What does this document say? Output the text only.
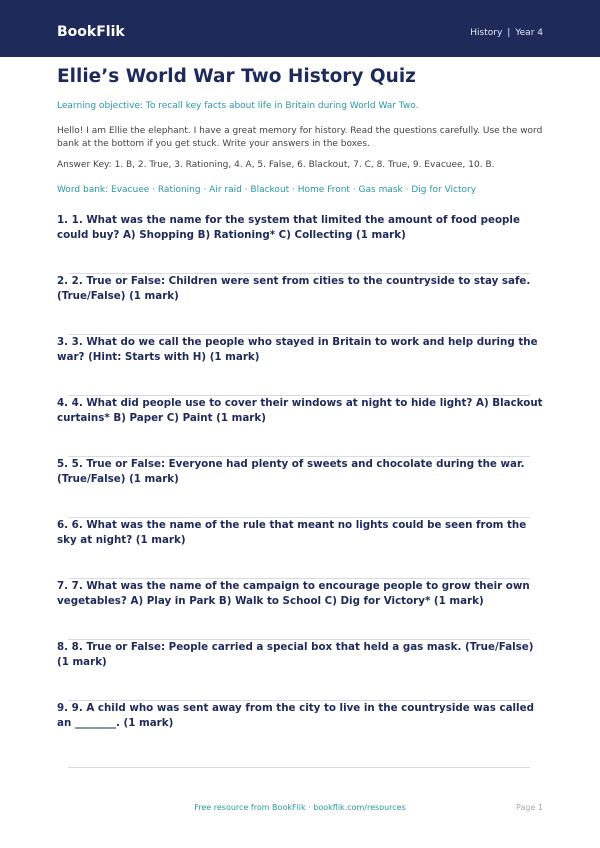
BookFlik	History | Year 4
Ellie’s World War Two History Quiz

Learning objective: To recall key facts about life in Britain during World War Two.

Hello! I am Ellie the elephant. I have a great memory for history. Read the questions carefully. Use the word bank at the bottom if you get stuck. Write your answers in the boxes.

Answer Key: 1. B, 2. True, 3. Rationing, 4. A, 5. False, 6. Blackout, 7. C, 8. True, 9. Evacuee, 10. B.

Word bank: Evacuee · Rationing · Air raid · Blackout · Home Front · Gas mask · Dig for Victory

1. 1. What was the name for the system that limited the amount of food people could buy? A) Shopping B) Rationing* C) Collecting (1 mark)
2. 2. True or False: Children were sent from cities to the countryside to stay safe. (True/False) (1 mark)
3. 3. What do we call the people who stayed in Britain to work and help during the war? (Hint: Starts with H) (1 mark)
4. 4. What did people use to cover their windows at night to hide light? A) Blackout curtains* B) Paper C) Paint (1 mark)
5. 5. True or False: Everyone had plenty of sweets and chocolate during the war. (True/False) (1 mark)
6. 6. What was the name of the rule that meant no lights could be seen from the sky at night? (1 mark)
7. 7. What was the name of the campaign to encourage people to grow their own vegetables? A) Play in Park B) Walk to School C) Dig for Victory* (1 mark)
8. 8. True or False: People carried a special box that held a gas mask. (True/False) (1 mark)
9. 9. A child who was sent away from the city to live in the countryside was called an ________. (1 mark)
Free resource from BookFlik · bookflik.com/resources	Page 1
